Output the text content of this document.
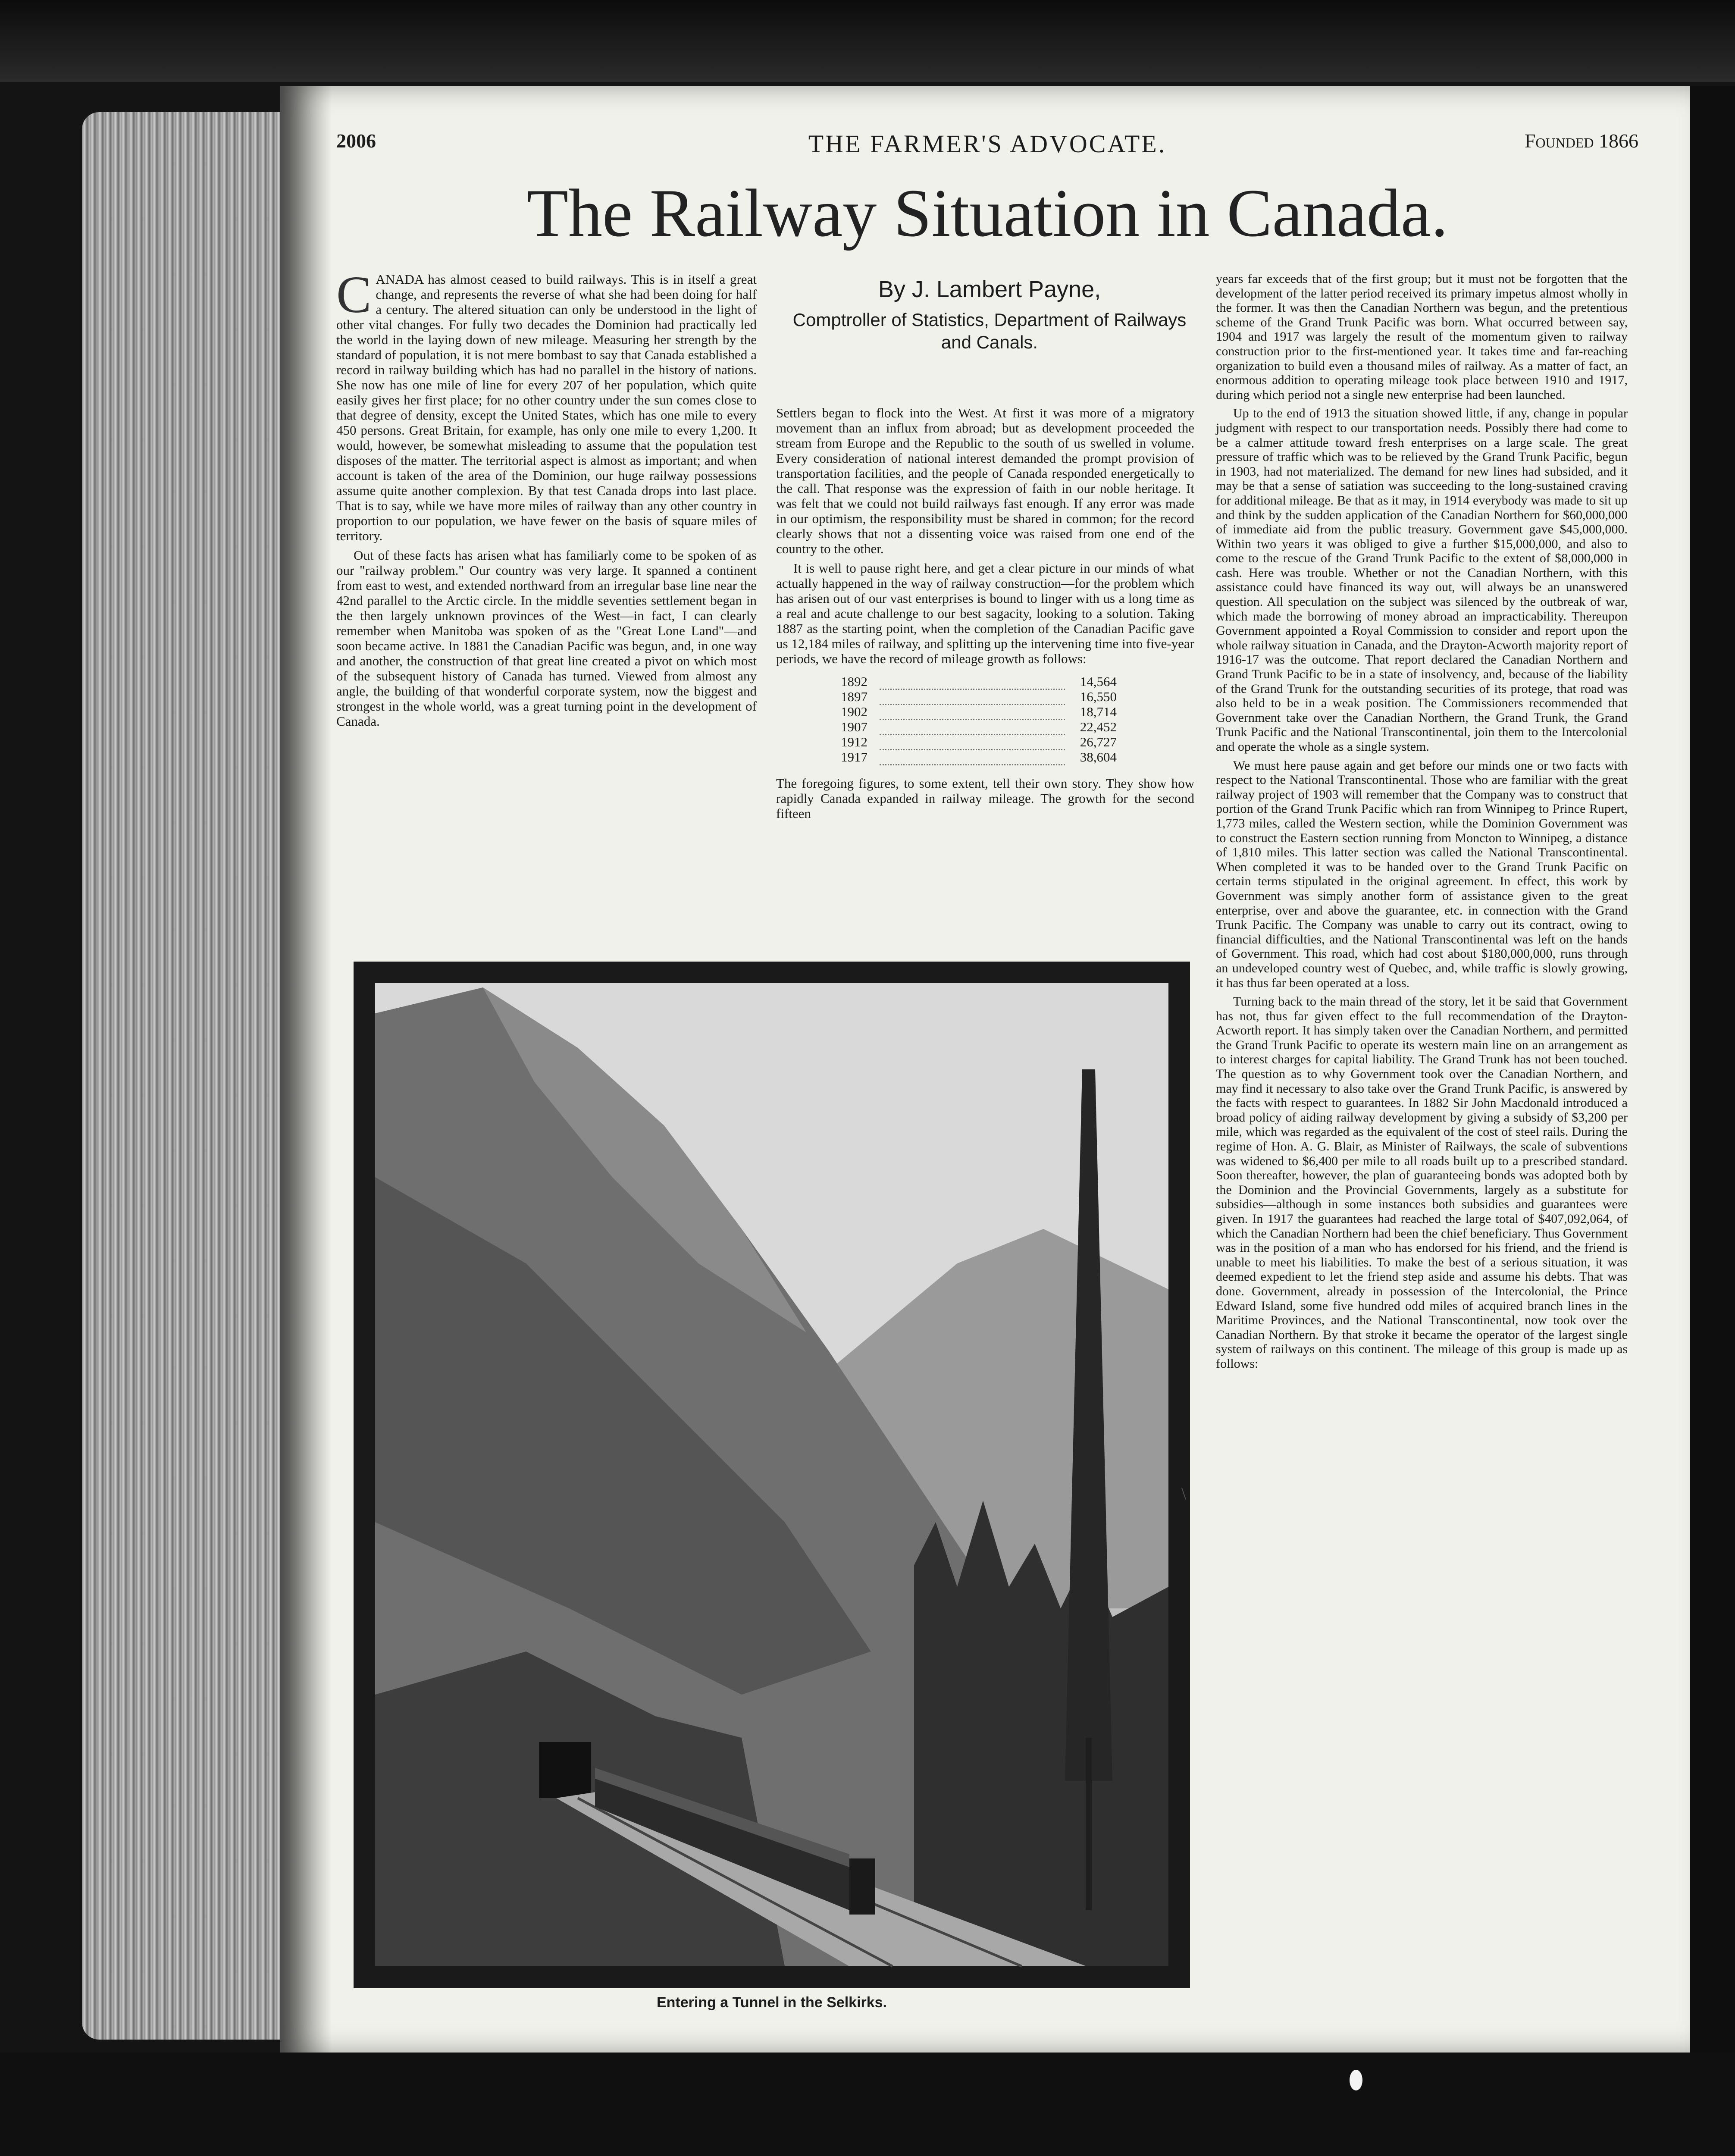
2006	THE FARMER'S ADVOCATE.	Founded 1866
The Railway Situation in Canada.
By J. Lambert Payne,
Comptroller of Statistics, Department of Railways and Canals.

CANADA has almost ceased to build railways. This is in itself a great change, and represents the reverse of what she had been doing for half a century. The altered situation can only be understood in the light of other vital changes. For fully two decades the Dominion had practically led the world in the laying down of new mileage. Measuring her strength by the standard of population, it is not mere bombast to say that Canada established a record in railway building which has had no parallel in the history of nations. She now has one mile of line for every 207 of her population, which quite easily gives her first place; for no other country under the sun comes close to that degree of density, except the United States, which has one mile to every 450 persons. Great Britain, for example, has only one mile to every 1,200. It would, however, be somewhat misleading to assume that the population test disposes of the matter. The territorial aspect is almost as important; and when account is taken of the area of the Dominion, our huge railway possessions assume quite another complexion. By that test Canada drops into last place. That is to say, while we have more miles of railway than any other country in proportion to our population, we have fewer on the basis of square miles of territory.

Out of these facts has arisen what has familiarly come to be spoken of as our "railway problem." Our country was very large. It spanned a continent from east to west, and extended northward from an irregular base line near the 42nd parallel to the Arctic circle. In the middle seventies settlement began in the then largely unknown provinces of the West—in fact, I can clearly remember when Manitoba was spoken of as the "Great Lone Land"—and soon became active. In 1881 the Canadian Pacific was begun, and, in one way and another, the construction of that great line created a pivot on which most of the subsequent history of Canada has turned. Viewed from almost any angle, the building of that wonderful corporate system, now the biggest and strongest in the whole world, was a great turning point in the development of Canada.

Settlers began to flock into the West. At first it was more of a migratory movement than an influx from abroad; but as development proceeded the stream from Europe and the Republic to the south of us swelled in volume. Every consideration of national interest demanded the prompt provision of transportation facilities, and the people of Canada responded energetically to the call. That response was the expression of faith in our noble heritage. It was felt that we could not build railways fast enough. If any error was made in our optimism, the responsibility must be shared in common; for the record clearly shows that not a dissenting voice was raised from one end of the country to the other.

It is well to pause right here, and get a clear picture in our minds of what actually happened in the way of railway construction—for the problem which has arisen out of our vast enterprises is bound to linger with us a long time as a real and acute challenge to our best sagacity, looking to a solution. Taking 1887 as the starting point, when the completion of the Canadian Pacific gave us 12,184 miles of railway, and splitting up the intervening time into five-year periods, we have the record of mileage growth as follows:

1892		14,564
1897		16,550
1902		18,714
1907		22,452
1912		26,727
1917		38,604

The foregoing figures, to some extent, tell their own story. They show how rapidly Canada expanded in railway mileage. The growth for the second fifteen

years far exceeds that of the first group; but it must not be forgotten that the development of the latter period received its primary impetus almost wholly in the former. It was then the Canadian Northern was begun, and the pretentious scheme of the Grand Trunk Pacific was born. What occurred between say, 1904 and 1917 was largely the result of the momentum given to railway construction prior to the first-mentioned year. It takes time and far-reaching organization to build even a thousand miles of railway. As a matter of fact, an enormous addition to operating mileage took place between 1910 and 1917, during which period not a single new enterprise had been launched.

Up to the end of 1913 the situation showed little, if any, change in popular judgment with respect to our transportation needs. Possibly there had come to be a calmer attitude toward fresh enterprises on a large scale. The great pressure of traffic which was to be relieved by the Grand Trunk Pacific, begun in 1903, had not materialized. The demand for new lines had subsided, and it may be that a sense of satiation was succeeding to the long-sustained craving for additional mileage. Be that as it may, in 1914 everybody was made to sit up and think by the sudden application of the Canadian Northern for $60,000,000 of immediate aid from the public treasury. Government gave $45,000,000. Within two years it was obliged to give a further $15,000,000, and also to come to the rescue of the Grand Trunk Pacific to the extent of $8,000,000 in cash. Here was trouble. Whether or not the Canadian Northern, with this assistance could have financed its way out, will always be an unanswered question. All speculation on the subject was silenced by the outbreak of war, which made the borrowing of money abroad an impracticability. Thereupon Government appointed a Royal Commission to consider and report upon the whole railway situation in Canada, and the Drayton-Acworth majority report of 1916-17 was the outcome. That report declared the Canadian Northern and Grand Trunk Pacific to be in a state of insolvency, and, because of the liability of the Grand Trunk for the outstanding securities of its protege, that road was also held to be in a weak position. The Commissioners recommended that Government take over the Canadian Northern, the Grand Trunk, the Grand Trunk Pacific and the National Transcontinental, join them to the Intercolonial and operate the whole as a single system.

We must here pause again and get before our minds one or two facts with respect to the National Transcontinental. Those who are familiar with the great railway project of 1903 will remember that the Company was to construct that portion of the Grand Trunk Pacific which ran from Winnipeg to Prince Rupert, 1,773 miles, called the Western section, while the Dominion Government was to construct the Eastern section running from Moncton to Winnipeg, a distance of 1,810 miles. This latter section was called the National Transcontinental. When completed it was to be handed over to the Grand Trunk Pacific on certain terms stipulated in the original agreement. In effect, this work by Government was simply another form of assistance given to the great enterprise, over and above the guarantee, etc. in connection with the Grand Trunk Pacific. The Company was unable to carry out its contract, owing to financial difficulties, and the National Transcontinental was left on the hands of Government. This road, which had cost about $180,000,000, runs through an undeveloped country west of Quebec, and, while traffic is slowly growing, it has thus far been operated at a loss.

Turning back to the main thread of the story, let it be said that Government has not, thus far given effect to the full recommendation of the Drayton-Acworth report. It has simply taken over the Canadian Northern, and permitted the Grand Trunk Pacific to operate its western main line on an arrangement as to interest charges for capital liability. The Grand Trunk has not been touched. The question as to why Government took over the Canadian Northern, and may find it necessary to also take over the Grand Trunk Pacific, is answered by the facts with respect to guarantees. In 1882 Sir John Macdonald introduced a broad policy of aiding railway development by giving a subsidy of $3,200 per mile, which was regarded as the equivalent of the cost of steel rails. During the regime of Hon. A. G. Blair, as Minister of Railways, the scale of subventions was widened to $6,400 per mile to all roads built up to a prescribed standard. Soon thereafter, however, the plan of guaranteeing bonds was adopted both by the Dominion and the Provincial Governments, largely as a substitute for subsidies—although in some instances both subsidies and guarantees were given. In 1917 the guarantees had reached the large total of $407,092,064, of which the Canadian Northern had been the chief beneficiary. Thus Government was in the position of a man who has endorsed for his friend, and the friend is unable to meet his liabilities. To make the best of a serious situation, it was deemed expedient to let the friend step aside and assume his debts. That was done. Government, already in possession of the Intercolonial, the Prince Edward Island, some five hundred odd miles of acquired branch lines in the Maritime Provinces, and the National Transcontinental, now took over the Canadian Northern. By that stroke it became the operator of the largest single system of railways on this continent. The mileage of this group is made up as follows:

Entering a Tunnel in the Selkirks.
\
